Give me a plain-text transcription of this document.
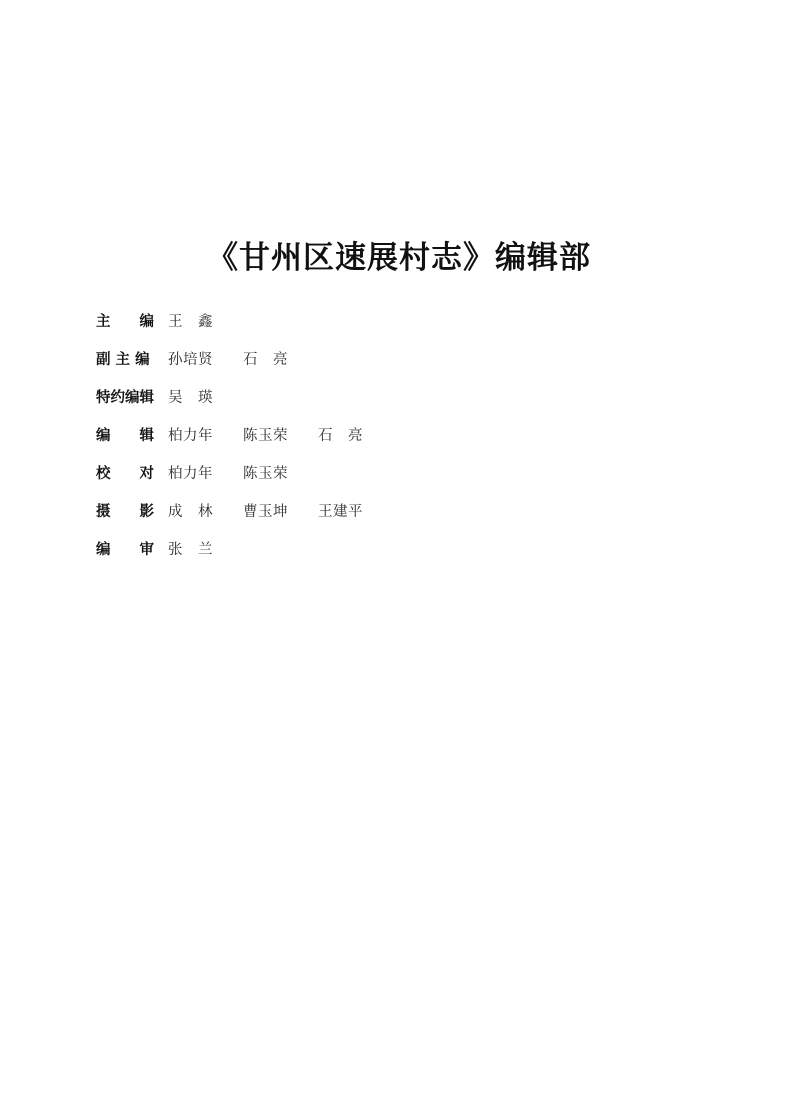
《甘州区速展村志》编辑部
主　　编 王　鑫
副 主 编	孙培贤　　石　亮
特约编辑 吴　瑛
编　　辑 柏力年　　陈玉荣　　石　亮
校　　对 柏力年　　陈玉荣
摄　　影 成　林　　曹玉坤　　王建平
编　　审 张　兰
